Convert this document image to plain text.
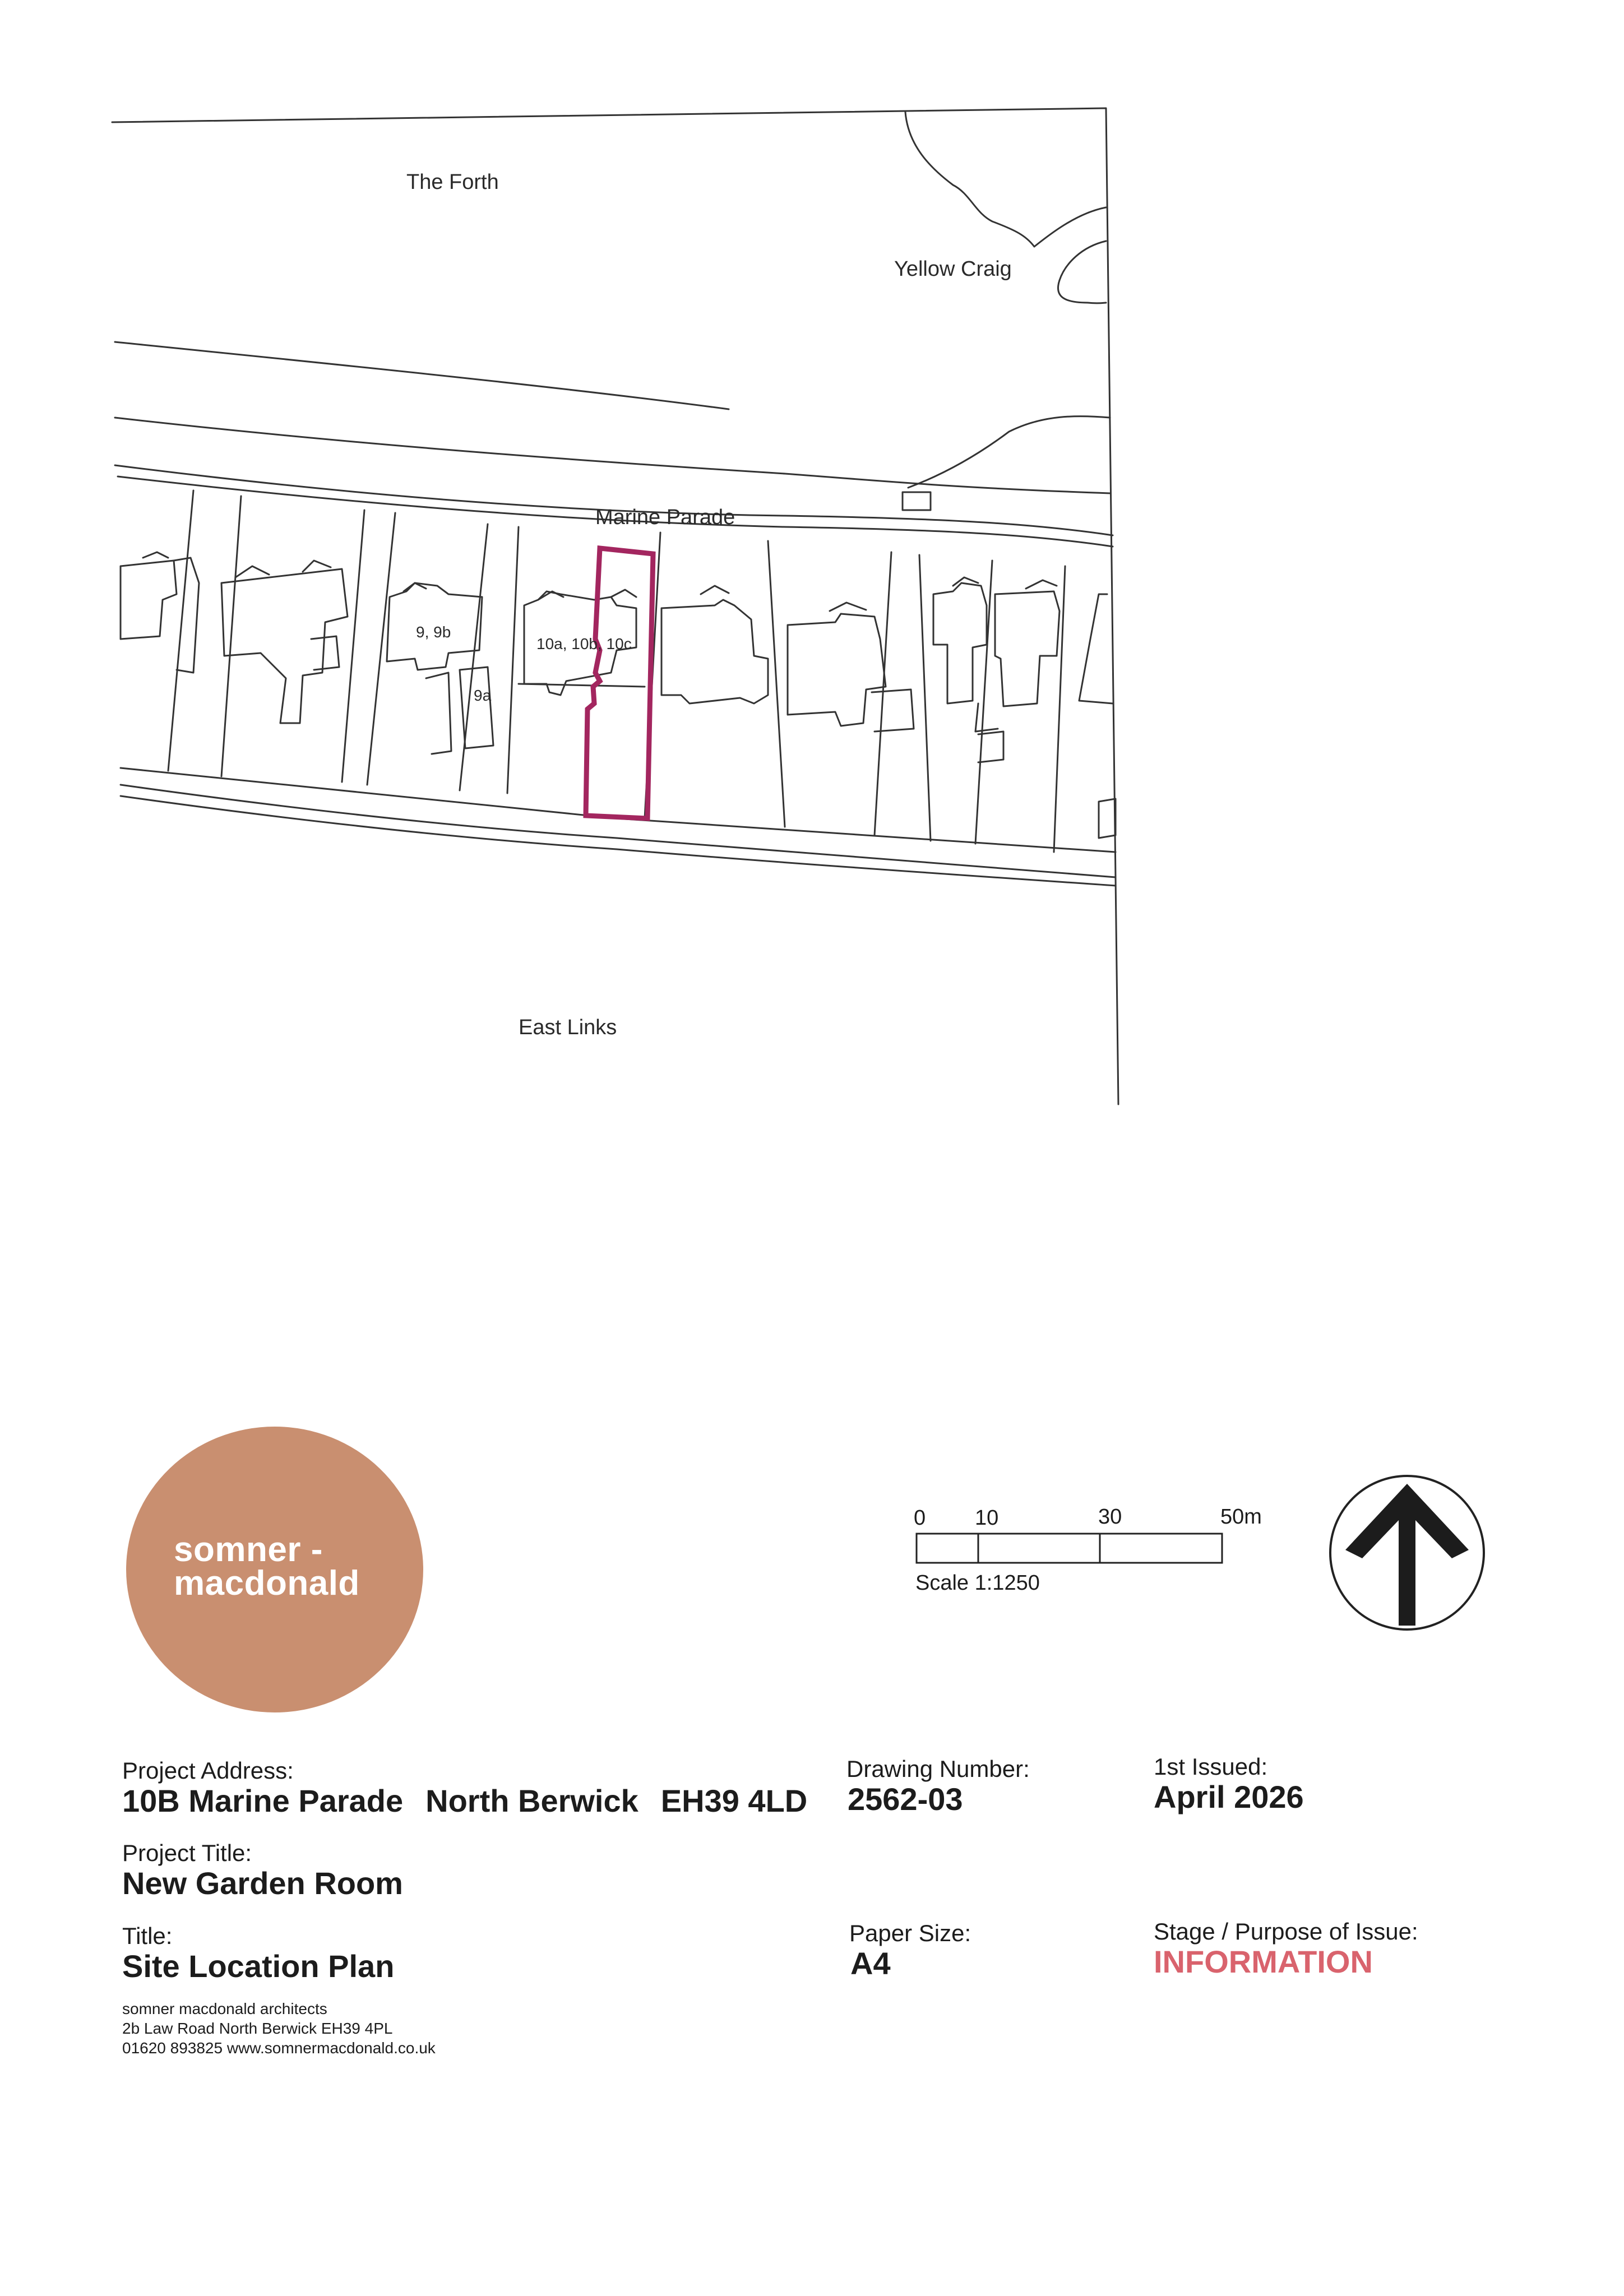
The Forth
Yellow Craig
Marine Parade
East Links
9, 9b
9a
10a, 10b, 10c
somner -
macdonald
0 10	30	50m
Scale 1:1250
Project Address:
10B Marine Parade North Berwick EH39 4LD
Drawing Number:
2562-03
1st Issued:
April 2026
Project Title:
New Garden Room
Title:
Site Location Plan
Paper Size:
A4
Stage / Purpose of Issue:
INFORMATION
somner macdonald architects
2b Law Road North Berwick EH39 4PL
01620 893825 www.somnermacdonald.co.uk
